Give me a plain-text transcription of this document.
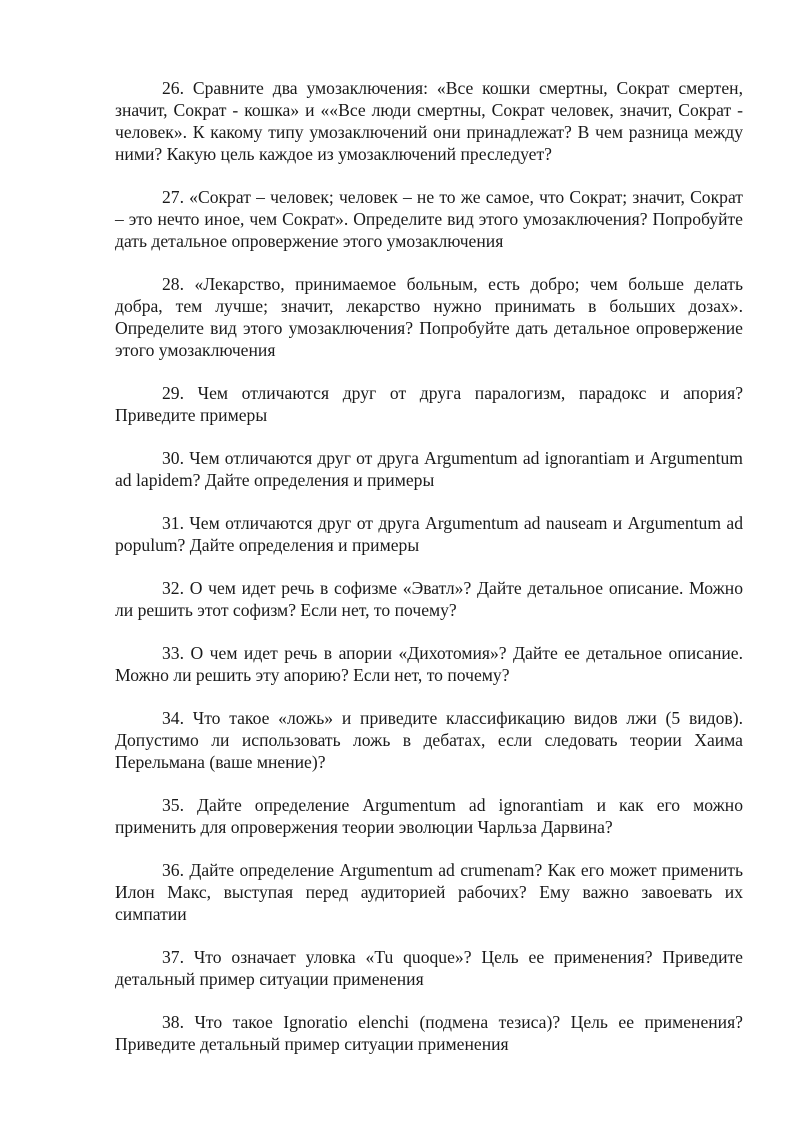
26. Сравните два умозаключения: «Все кошки смертны, Сократ смертен, значит, Сократ - кошка» и ««Все люди смертны, Сократ человек, значит, Сократ - человек». К какому типу умозаключений они принадлежат? В чем разница между ними? Какую цель каждое из умозаключений преследует?

27. «Сократ – человек; человек – не то же самое, что Сократ; значит, Сократ – это нечто иное, чем Сократ». Определите вид этого умозаключения? Попробуйте дать детальное опровержение этого умозаключения

28. «Лекарство, принимаемое больным, есть добро; чем больше делать добра, тем лучше; значит, лекарство нужно принимать в больших дозах». Определите вид этого умозаключения? Попробуйте дать детальное опровержение этого умозаключения

29. Чем отличаются друг от друга паралогизм, парадокс и апория? Приведите примеры

30. Чем отличаются друг от друга Argumentum ad ignorantiam и Argumentum ad lapidem? Дайте определения и примеры

31. Чем отличаются друг от друга Argumentum ad nauseam и Argumentum ad populum? Дайте определения и примеры

32. О чем идет речь в софизме «Эватл»? Дайте детальное описание. Можно ли решить этот софизм? Если нет, то почему?

33. О чем идет речь в апории «Дихотомия»? Дайте ее детальное описание. Можно ли решить эту апорию? Если нет, то почему?

34. Что такое «ложь» и приведите классификацию видов лжи (5 видов). Допустимо ли использовать ложь в дебатах, если следовать теории Хаима Перельмана (ваше мнение)?

35. Дайте определение Argumentum ad ignorantiam и как его можно применить для опровержения теории эволюции Чарльза Дарвина?

36. Дайте определение Argumentum ad crumenam? Как его может применить Илон Макс, выступая перед аудиторией рабочих? Ему важно завоевать их симпатии

37. Что означает уловка «Tu quoque»? Цель ее применения? Приведите детальный пример ситуации применения

38. Что такое Ignoratio elenchi (подмена тезиса)? Цель ее применения? Приведите детальный пример ситуации применения
